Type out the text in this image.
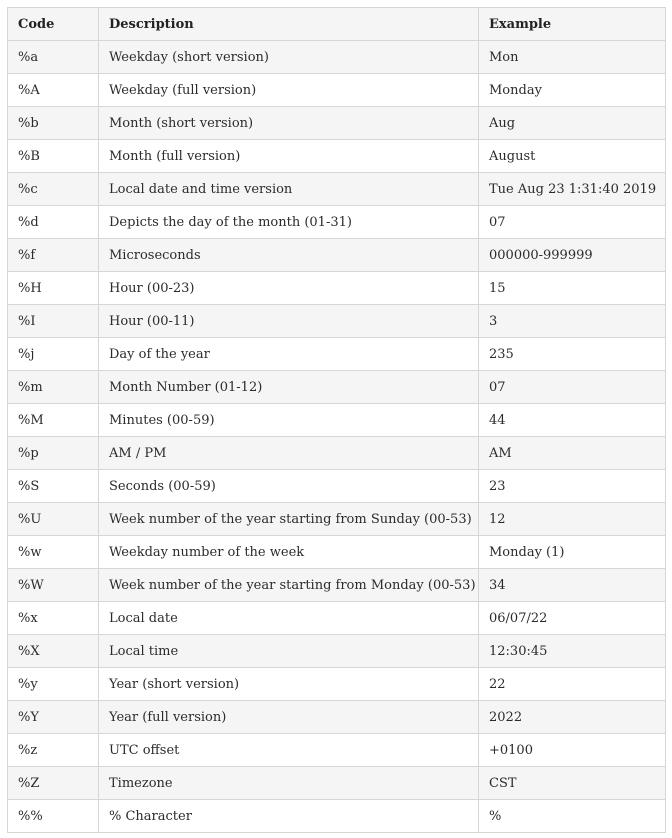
Code	Description	Example
%a	Weekday (short version)	Mon
%A	Weekday (full version)	Monday
%b	Month (short version)	Aug
%B	Month (full version)	August
%c	Local date and time version	Tue Aug 23 1:31:40 2019
%d	Depicts the day of the month (01-31)	07
%f	Microseconds	000000-999999
%H	Hour (00-23)	15
%I	Hour (00-11)	3
%j	Day of the year	235
%m	Month Number (01-12)	07
%M	Minutes (00-59)	44
%p	AM / PM	AM
%S	Seconds (00-59)	23
%U	Week number of the year starting from Sunday (00-53)	12
%w	Weekday number of the week	Monday (1)
%W	Week number of the year starting from Monday (00-53)	34
%x	Local date	06/07/22
%X	Local time	12:30:45
%y	Year (short version)	22
%Y	Year (full version)	2022
%z	UTC offset	+0100
%Z	Timezone	CST
%%	% Character	%
